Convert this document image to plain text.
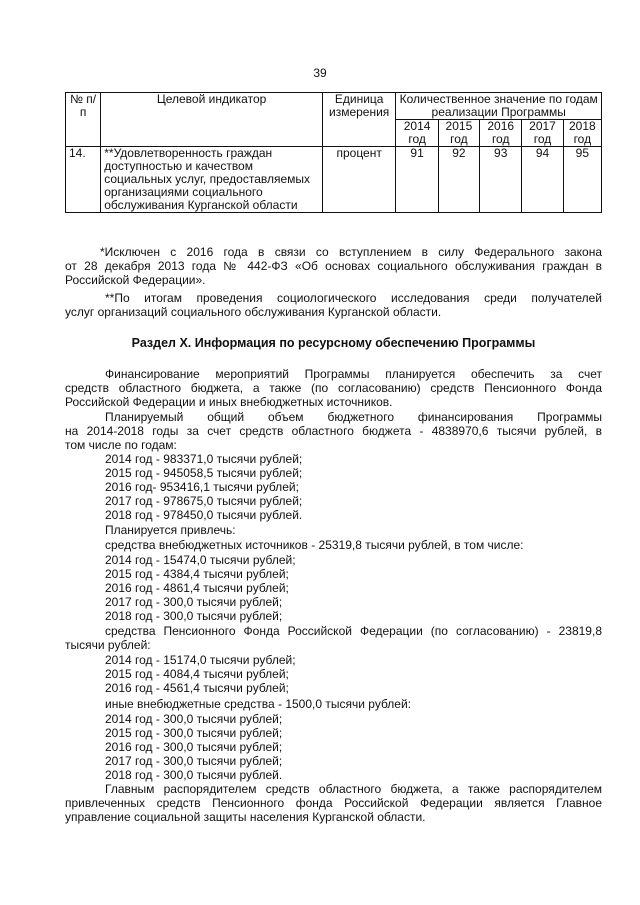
39
№ п/п	Целевой индикатор	Единица измерения	Количественное значение по годам реализации Программы				
			2014 год	2015 год	2016 год	2017 год	2018 год
14.	**Удовлетворенность граждан доступностью и качеством социальных услуг, предоставляемых организациями социального обслуживания Курганской области	процент	91	92	93	94	95
*Исключен с 2016 года в связи со вступлением в силу Федерального закона
от 28 декабря 2013 года № 442-ФЗ «Об основах социального обслуживания граждан в
Российской Федерации».
**По итогам проведения социологического исследования среди получателей
услуг организаций социального обслуживания Курганской области.
Раздел X. Информация по ресурсному обеспечению Программы
Финансирование мероприятий Программы планируется обеспечить за счет
средств областного бюджета, а также (по согласованию) средств Пенсионного Фонда
Российской Федерации и иных внебюджетных источников.
Планируемый общий объем бюджетного финансирования Программы
на 2014-2018 годы за счет средств областного бюджета - 4838970,6 тысячи рублей, в
том числе по годам:
2014 год - 983371,0 тысячи рублей;
2015 год - 945058,5 тысячи рублей;
2016 год- 953416,1 тысячи рублей;
2017 год - 978675,0 тысячи рублей;
2018 год - 978450,0 тысячи рублей.
Планируется привлечь:
средства внебюджетных источников - 25319,8 тысячи рублей, в том числе:
2014 год - 15474,0 тысячи рублей;
2015 год - 4384,4 тысячи рублей;
2016 год - 4861,4 тысячи рублей;
2017 год - 300,0 тысячи рублей;
2018 год - 300,0 тысячи рублей;
средства Пенсионного Фонда Российской Федерации (по согласованию) - 23819,8
тысячи рублей:
2014 год - 15174,0 тысячи рублей;
2015 год - 4084,4 тысячи рублей;
2016 год - 4561,4 тысячи рублей;
иные внебюджетные средства - 1500,0 тысячи рублей:
2014 год - 300,0 тысячи рублей;
2015 год - 300,0 тысячи рублей;
2016 год - 300,0 тысячи рублей;
2017 год - 300,0 тысячи рублей;
2018 год - 300,0 тысячи рублей.
Главным распорядителем средств областного бюджета, а также распорядителем
привлеченных средств Пенсионного фонда Российской Федерации является Главное
управление социальной защиты населения Курганской области.
